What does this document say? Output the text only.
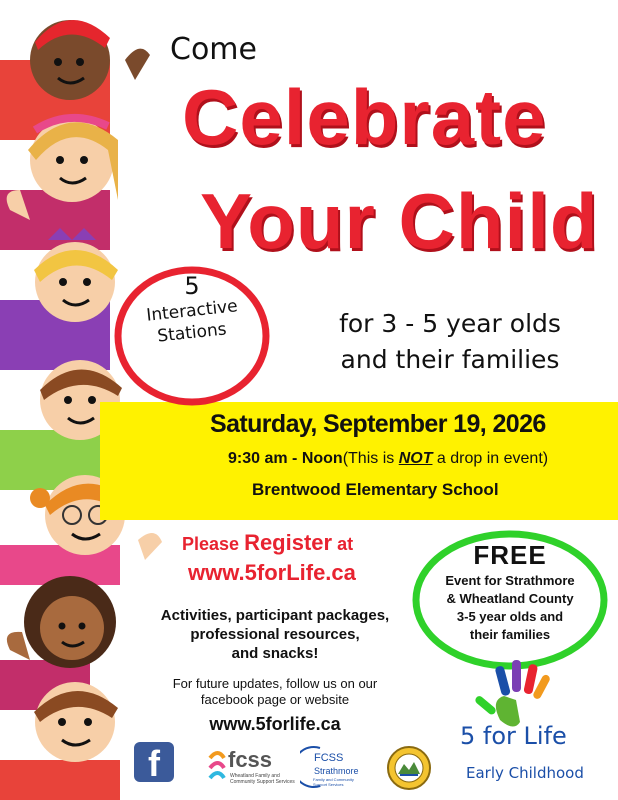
Come
Celebrate
Your Child
5
Interactive
Stations	for 3 - 5 year olds
and their families
Saturday, September 19, 2026
9:30 am - Noon(This is NOT a drop in event)
Brentwood Elementary School
Please Register at
www.5forLife.ca
FREE
Event for Strathmore
& Wheatland County
3-5 year olds and
their families
Activities, participant packages,
professional resources,
and snacks!
For future updates, follow us on our
facebook page or website
www.5forlife.ca	5 for Life
Early Childhood
f	fcss
Wheatland Family and Community Support Services
FCSS
Strathmore
Family and Community Support Services
